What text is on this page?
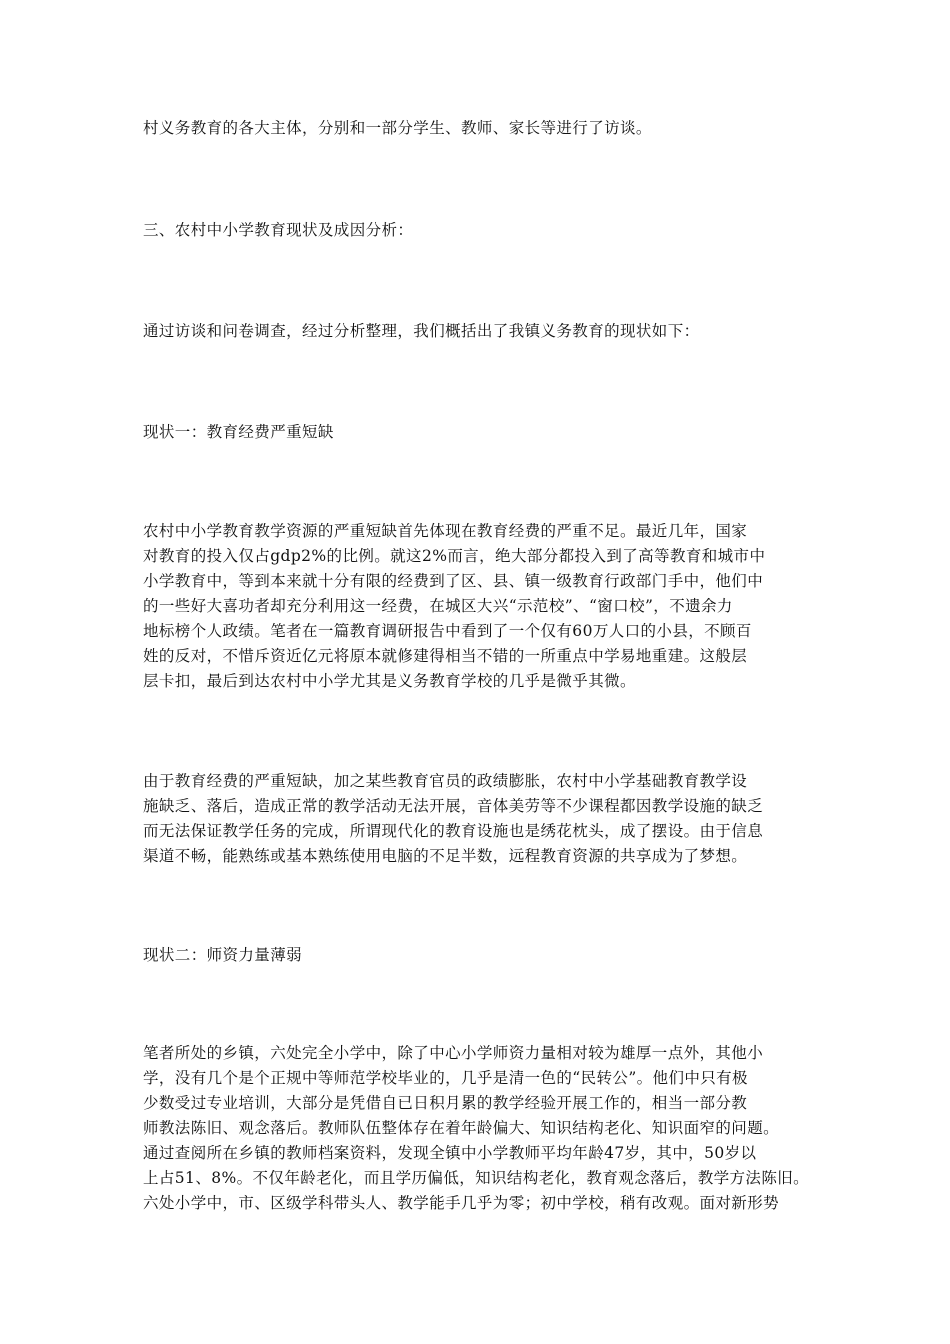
村义务教育的各大主体，分别和一部分学生、教师、家长等进行了访谈。

三、农村中小学教育现状及成因分析：

通过访谈和问卷调查，经过分析整理，我们概括出了我镇义务教育的现状如下：

现状一：教育经费严重短缺

农村中小学教育教学资源的严重短缺首先体现在教育经费的严重不足。最近几年，国家
对教育的投入仅占gdp2%的比例。就这2%而言，绝大部分都投入到了高等教育和城市中
小学教育中，等到本来就十分有限的经费到了区、县、镇一级教育行政部门手中，他们中
的一些好大喜功者却充分利用这一经费，在城区大兴“示范校”、“窗口校”，不遗余力
地标榜个人政绩。笔者在一篇教育调研报告中看到了一个仅有60万人口的小县，不顾百
姓的反对，不惜斥资近亿元将原本就修建得相当不错的一所重点中学易地重建。这般层
层卡扣，最后到达农村中小学尤其是义务教育学校的几乎是微乎其微。
由于教育经费的严重短缺，加之某些教育官员的政绩膨胀，农村中小学基础教育教学设
施缺乏、落后，造成正常的教学活动无法开展，音体美劳等不少课程都因教学设施的缺乏
而无法保证教学任务的完成，所谓现代化的教育设施也是绣花枕头，成了摆设。由于信息
渠道不畅，能熟练或基本熟练使用电脑的不足半数，远程教育资源的共享成为了梦想。

现状二：师资力量薄弱

笔者所处的乡镇，六处完全小学中，除了中心小学师资力量相对较为雄厚一点外，其他小
学，没有几个是个正规中等师范学校毕业的，几乎是清一色的“民转公”。他们中只有极
少数受过专业培训，大部分是凭借自已日积月累的教学经验开展工作的，相当一部分教
师教法陈旧、观念落后。教师队伍整体存在着年龄偏大、知识结构老化、知识面窄的问题。
通过查阅所在乡镇的教师档案资料，发现全镇中小学教师平均年龄47岁，其中，50岁以
上占51、8%。不仅年龄老化，而且学历偏低，知识结构老化，教育观念落后，教学方法陈旧。
六处小学中，市、区级学科带头人、教学能手几乎为零；初中学校，稍有改观。面对新形势
